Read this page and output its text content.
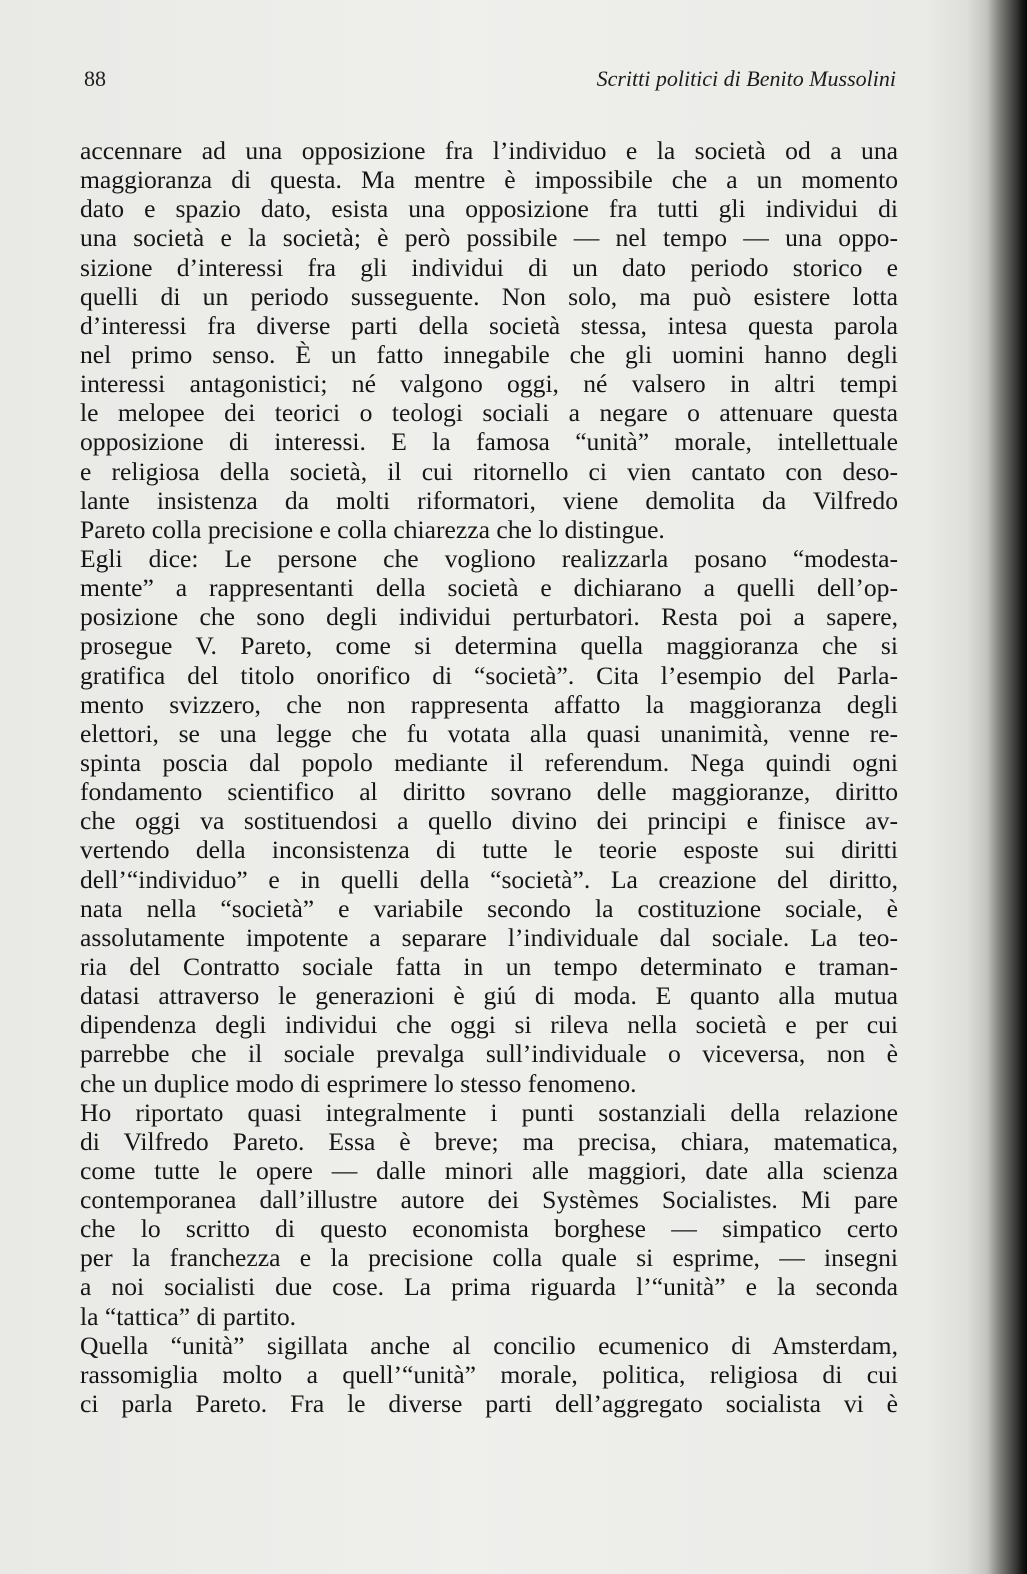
88	Scritti politici di Benito Mussolini
accennare ad una opposizione fra l’individuo e la società od a una
maggioranza di questa. Ma mentre è impossibile che a un momento
dato e spazio dato, esista una opposizione fra tutti gli individui di
una società e la società; è però possibile — nel tempo — una oppo-
sizione d’interessi fra gli individui di un dato periodo storico e
quelli di un periodo susseguente. Non solo, ma può esistere lotta
d’interessi fra diverse parti della società stessa, intesa questa parola
nel primo senso. È un fatto innegabile che gli uomini hanno degli
interessi antagonistici; né valgono oggi, né valsero in altri tempi
le melopee dei teorici o teologi sociali a negare o attenuare questa
opposizione di interessi. E la famosa “unità” morale, intellettuale
e religiosa della società, il cui ritornello ci vien cantato con deso-
lante insistenza da molti riformatori, viene demolita da Vilfredo
Pareto colla precisione e colla chiarezza che lo distingue.
Egli dice: Le persone che vogliono realizzarla posano “modesta-
mente” a rappresentanti della società e dichiarano a quelli dell’op-
posizione che sono degli individui perturbatori. Resta poi a sapere,
prosegue V. Pareto, come si determina quella maggioranza che si
gratifica del titolo onorifico di “società”. Cita l’esempio del Parla-
mento svizzero, che non rappresenta affatto la maggioranza degli
elettori, se una legge che fu votata alla quasi unanimità, venne re-
spinta poscia dal popolo mediante il referendum. Nega quindi ogni
fondamento scientifico al diritto sovrano delle maggioranze, diritto
che oggi va sostituendosi a quello divino dei principi e finisce av-
vertendo della inconsistenza di tutte le teorie esposte sui diritti
dell’“individuo” e in quelli della “società”. La creazione del diritto,
nata nella “società” e variabile secondo la costituzione sociale, è
assolutamente impotente a separare l’individuale dal sociale. La teo-
ria del Contratto sociale fatta in un tempo determinato e traman-
datasi attraverso le generazioni è giú di moda. E quanto alla mutua
dipendenza degli individui che oggi si rileva nella società e per cui
parrebbe che il sociale prevalga sull’individuale o viceversa, non è
che un duplice modo di esprimere lo stesso fenomeno.
Ho riportato quasi integralmente i punti sostanziali della relazione
di Vilfredo Pareto. Essa è breve; ma precisa, chiara, matematica,
come tutte le opere — dalle minori alle maggiori, date alla scienza
contemporanea dall’illustre autore dei Systèmes Socialistes. Mi pare
che lo scritto di questo economista borghese — simpatico certo
per la franchezza e la precisione colla quale si esprime, — insegni
a noi socialisti due cose. La prima riguarda l’“unità” e la seconda
la “tattica” di partito.
Quella “unità” sigillata anche al concilio ecumenico di Amsterdam,
rassomiglia molto a quell’“unità” morale, politica, religiosa di cui
ci parla Pareto. Fra le diverse parti dell’aggregato socialista vi è
